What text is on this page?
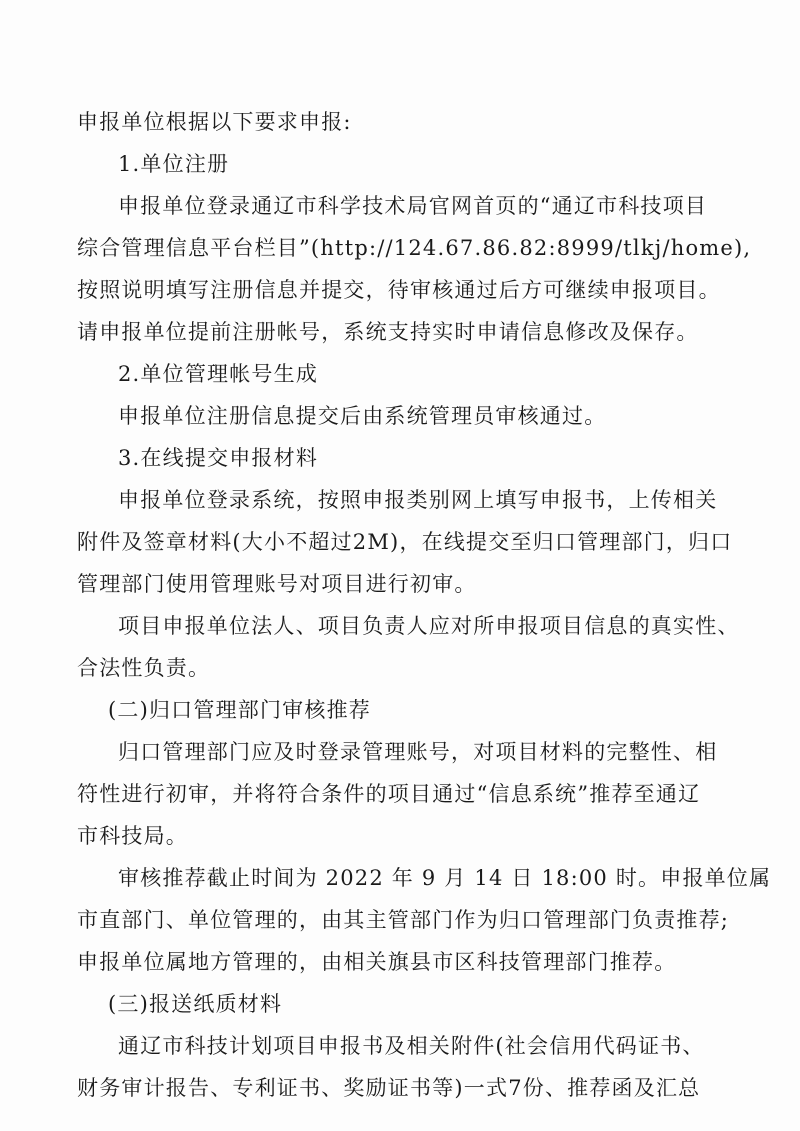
申报单位根据以下要求申报:
1.单位注册
申报单位登录通辽市科学技术局官网首页的“通辽市科技项目
综合管理信息平台栏目”(http://124.67.86.82:8999/tlkj/home),
按照说明填写注册信息并提交，待审核通过后方可继续申报项目。
请申报单位提前注册帐号，系统支持实时申请信息修改及保存。
2.单位管理帐号生成
申报单位注册信息提交后由系统管理员审核通过。
3.在线提交申报材料
申报单位登录系统，按照申报类别网上填写申报书，上传相关
附件及签章材料(大小不超过2M)，在线提交至归口管理部门，归口
管理部门使用管理账号对项目进行初审。
项目申报单位法人、项目负责人应对所申报项目信息的真实性、
合法性负责。
(二)归口管理部门审核推荐
归口管理部门应及时登录管理账号，对项目材料的完整性、相
符性进行初审，并将符合条件的项目通过“信息系统”推荐至通辽
市科技局。
审核推荐截止时间为 2022 年 9 月 14 日 18:00 时。申报单位属
市直部门、单位管理的，由其主管部门作为归口管理部门负责推荐;
申报单位属地方管理的，由相关旗县市区科技管理部门推荐。
(三)报送纸质材料
通辽市科技计划项目申报书及相关附件(社会信用代码证书、
财务审计报告、专利证书、奖励证书等)一式7份、推荐函及汇总
